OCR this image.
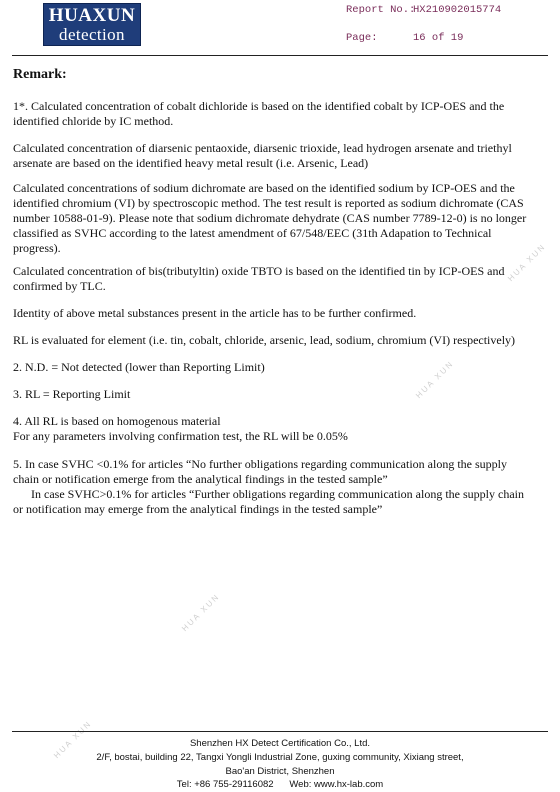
HUAXUN
detection
Report No.:
HX210902015774
Page:	16 of 19
Remark:
1*. Calculated concentration of cobalt dichloride is based on the identified cobalt by ICP-OES and the identified chloride by IC method.
Calculated concentration of diarsenic pentaoxide, diarsenic trioxide, lead hydrogen arsenate and triethyl arsenate are based on the identified heavy metal result (i.e. Arsenic, Lead)
Calculated concentrations of sodium dichromate are based on the identified sodium by ICP-OES and the identified chromium (VI) by spectroscopic method. The test result is reported as sodium dichromate (CAS number 10588-01-9). Please note that sodium dichromate dehydrate (CAS number 7789-12-0) is no longer classified as SVHC according to the latest amendment of 67/548/EEC (31th Adapation to Technical progress).
Calculated concentration of bis(tributyltin) oxide TBTO is based on the identified tin by ICP-OES and confirmed by TLC.
Identity of above metal substances present in the article has to be further confirmed.
RL is evaluated for element (i.e. tin, cobalt, chloride, arsenic, lead, sodium, chromium (VI) respectively)
2. N.D. = Not detected (lower than Reporting Limit)
3. RL = Reporting Limit
4. All RL is based on homogenous material
For any parameters involving confirmation test, the RL will be 0.05%
5. In case SVHC <0.1% for articles “No further obligations regarding communication along the supply chain or notification emerge from the analytical findings in the tested sample”
In case SVHC>0.1% for articles “Further obligations regarding communication along the supply chain or notification may emerge from the analytical findings in the tested sample”
HUA XUN
HUA XUN
HUA XUN
HUA XUN	Shenzhen HX Detect Certification Co., Ltd.
2/F, bostai, building 22, Tangxi Yongli Industrial Zone, guxing community, Xixiang street,
Bao'an District, Shenzhen
Tel: +86 755-29116082      Web: www.hx-lab.com
